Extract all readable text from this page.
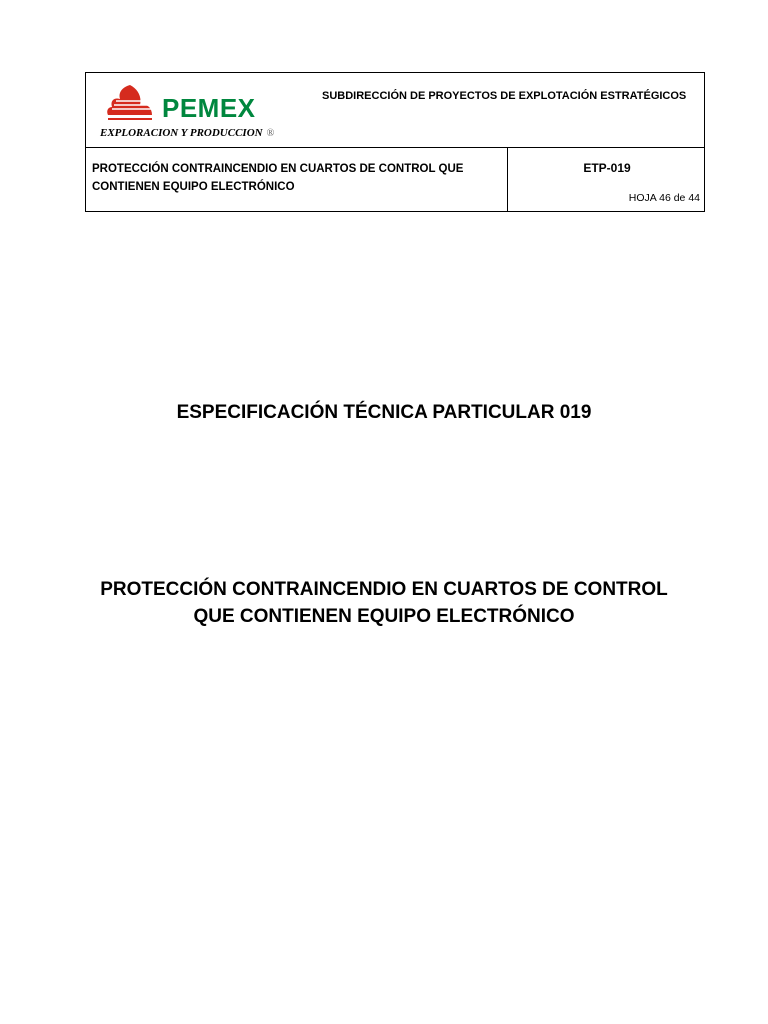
PEMEX
EXPLORACION Y PRODUCCION ®
SUBDIRECCIÓN DE PROYECTOS DE EXPLOTACIÓN ESTRATÉGICOS
PROTECCIÓN CONTRAINCENDIO EN CUARTOS DE CONTROL QUE CONTIENEN EQUIPO ELECTRÓNICO
ETP-019
HOJA 46 de 44
ESPECIFICACIÓN TÉCNICA PARTICULAR 019
PROTECCIÓN CONTRAINCENDIO EN CUARTOS DE CONTROL
QUE CONTIENEN EQUIPO ELECTRÓNICO
